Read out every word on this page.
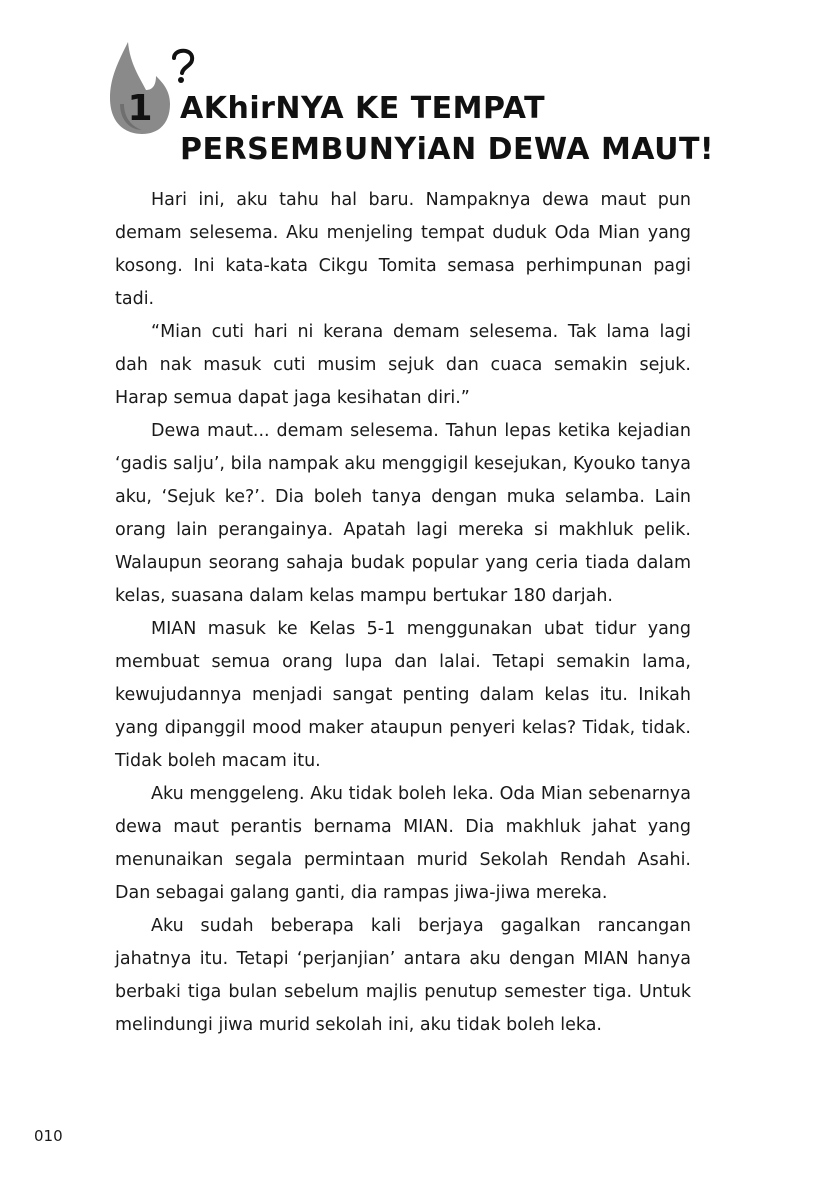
1 AKhirNYA KE TEMPAT
PERSEMBUNYiAN DEWA MAUT!

Hari ini, aku tahu hal baru. Nampaknya dewa maut pun demam selesema. Aku menjeling tempat duduk Oda Mian yang kosong. Ini kata-kata Cikgu Tomita semasa perhimpunan pagi tadi.

“Mian cuti hari ni kerana demam selesema. Tak lama lagi dah nak masuk cuti musim sejuk dan cuaca semakin sejuk. Harap semua dapat jaga kesihatan diri.”

Dewa maut... demam selesema. Tahun lepas ketika kejadian ‘gadis salju’, bila nampak aku menggigil kesejukan, Kyouko tanya aku, ‘Sejuk ke?’. Dia boleh tanya dengan muka selamba. Lain orang lain perangainya. Apatah lagi mereka si makhluk pelik. Walaupun seorang sahaja budak popular yang ceria tiada dalam kelas, suasana dalam kelas mampu bertukar 180 darjah.

MIAN masuk ke Kelas 5-1 menggunakan ubat tidur yang membuat semua orang lupa dan lalai. Tetapi semakin lama, kewujudannya menjadi sangat penting dalam kelas itu. Inikah yang dipanggil mood maker ataupun penyeri kelas? Tidak, tidak. Tidak boleh macam itu.

Aku menggeleng. Aku tidak boleh leka. Oda Mian sebenarnya dewa maut perantis bernama MIAN. Dia makhluk jahat yang menunaikan segala permintaan murid Sekolah Rendah Asahi. Dan sebagai galang ganti, dia rampas jiwa-jiwa mereka.

Aku sudah beberapa kali berjaya gagalkan rancangan jahatnya itu. Tetapi ‘perjanjian’ antara aku dengan MIAN hanya berbaki tiga bulan sebelum majlis penutup semester tiga. Untuk melindungi jiwa murid sekolah ini, aku tidak boleh leka.

010
